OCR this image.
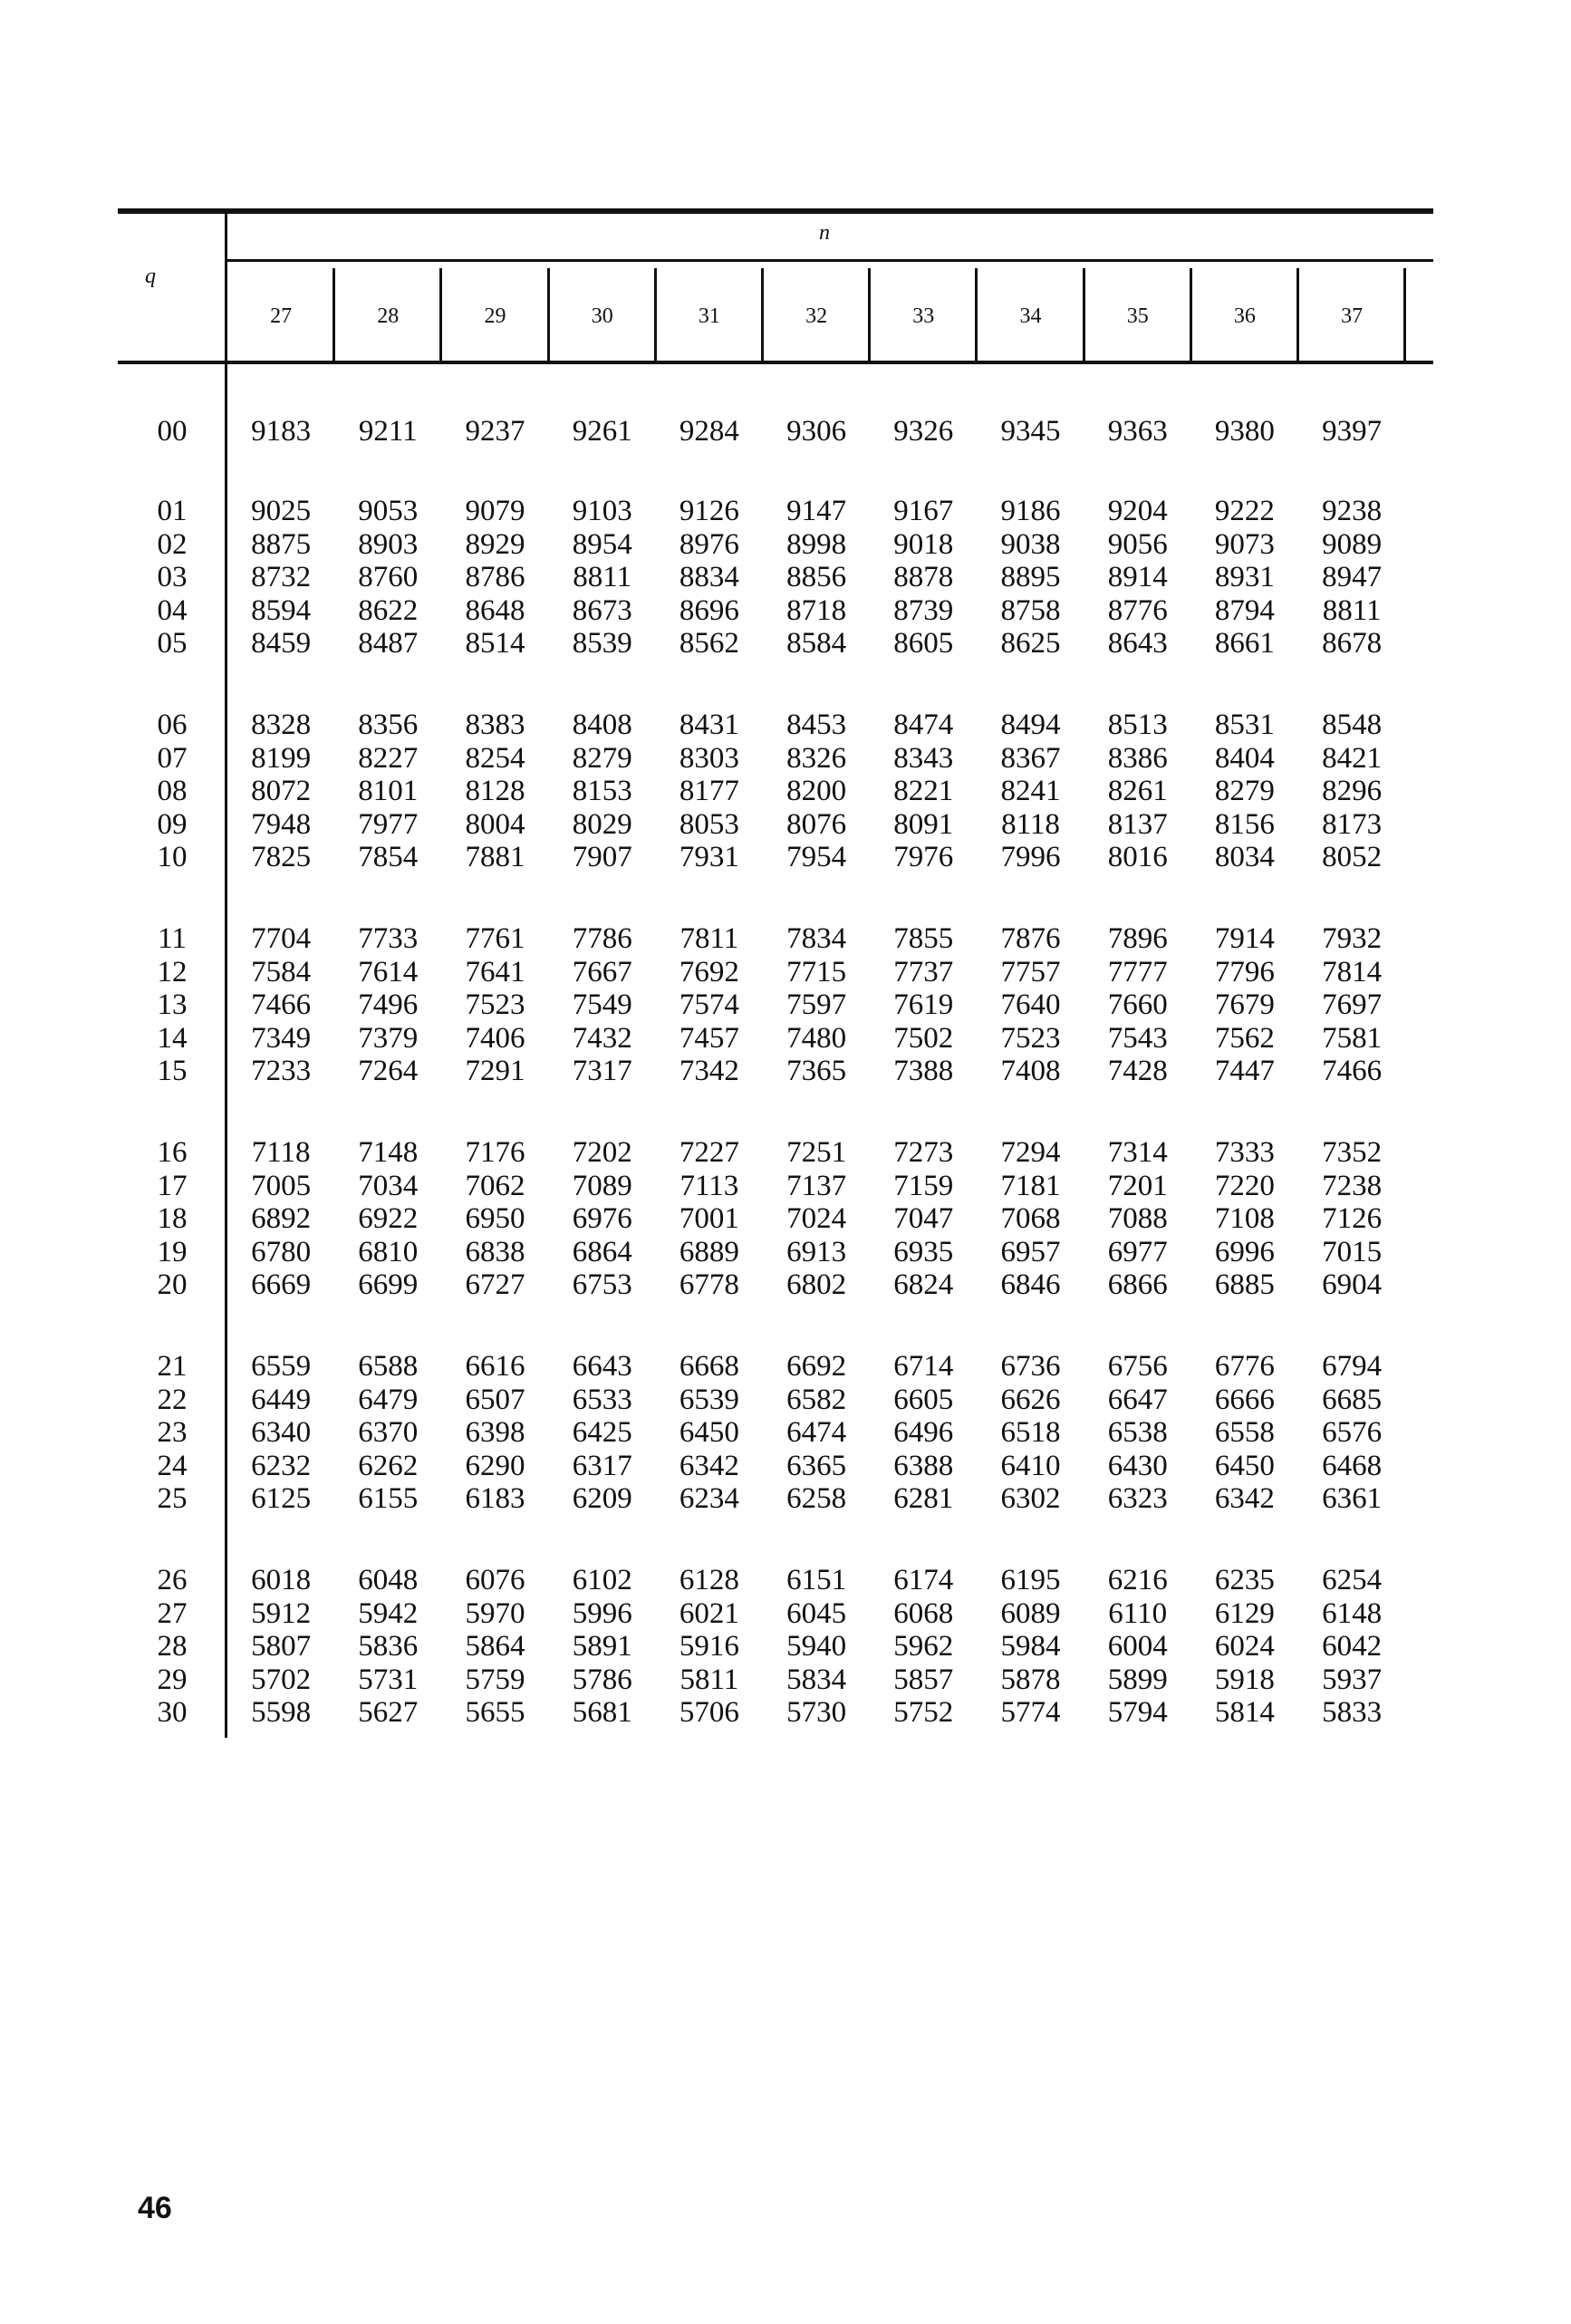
n
q
27	28	29	30	31	32	33	34	35	36	37
00	9183	9211	9237	9261	9284	9306	9326	9345	9363	9380	9397
01	9025	9053	9079	9103	9126	9147	9167	9186	9204	9222	9238
02	8875	8903	8929	8954	8976	8998	9018	9038	9056	9073	9089
03	8732	8760	8786	8811	8834	8856	8878	8895	8914	8931	8947
04	8594	8622	8648	8673	8696	8718	8739	8758	8776	8794	8811
05	8459	8487	8514	8539	8562	8584	8605	8625	8643	8661	8678
06	8328	8356	8383	8408	8431	8453	8474	8494	8513	8531	8548
07	8199	8227	8254	8279	8303	8326	8343	8367	8386	8404	8421
08	8072	8101	8128	8153	8177	8200	8221	8241	8261	8279	8296
09	7948	7977	8004	8029	8053	8076	8091	8118	8137	8156	8173
10	7825	7854	7881	7907	7931	7954	7976	7996	8016	8034	8052
11	7704	7733	7761	7786	7811	7834	7855	7876	7896	7914	7932
12	7584	7614	7641	7667	7692	7715	7737	7757	7777	7796	7814
13	7466	7496	7523	7549	7574	7597	7619	7640	7660	7679	7697
14	7349	7379	7406	7432	7457	7480	7502	7523	7543	7562	7581
15	7233	7264	7291	7317	7342	7365	7388	7408	7428	7447	7466
16	7118	7148	7176	7202	7227	7251	7273	7294	7314	7333	7352
17	7005	7034	7062	7089	7113	7137	7159	7181	7201	7220	7238
18	6892	6922	6950	6976	7001	7024	7047	7068	7088	7108	7126
19	6780	6810	6838	6864	6889	6913	6935	6957	6977	6996	7015
20	6669	6699	6727	6753	6778	6802	6824	6846	6866	6885	6904
21	6559	6588	6616	6643	6668	6692	6714	6736	6756	6776	6794
22	6449	6479	6507	6533	6539	6582	6605	6626	6647	6666	6685
23	6340	6370	6398	6425	6450	6474	6496	6518	6538	6558	6576
24	6232	6262	6290	6317	6342	6365	6388	6410	6430	6450	6468
25	6125	6155	6183	6209	6234	6258	6281	6302	6323	6342	6361
26	6018	6048	6076	6102	6128	6151	6174	6195	6216	6235	6254
27	5912	5942	5970	5996	6021	6045	6068	6089	6110	6129	6148
28	5807	5836	5864	5891	5916	5940	5962	5984	6004	6024	6042
29	5702	5731	5759	5786	5811	5834	5857	5878	5899	5918	5937
30	5598	5627	5655	5681	5706	5730	5752	5774	5794	5814	5833
46
